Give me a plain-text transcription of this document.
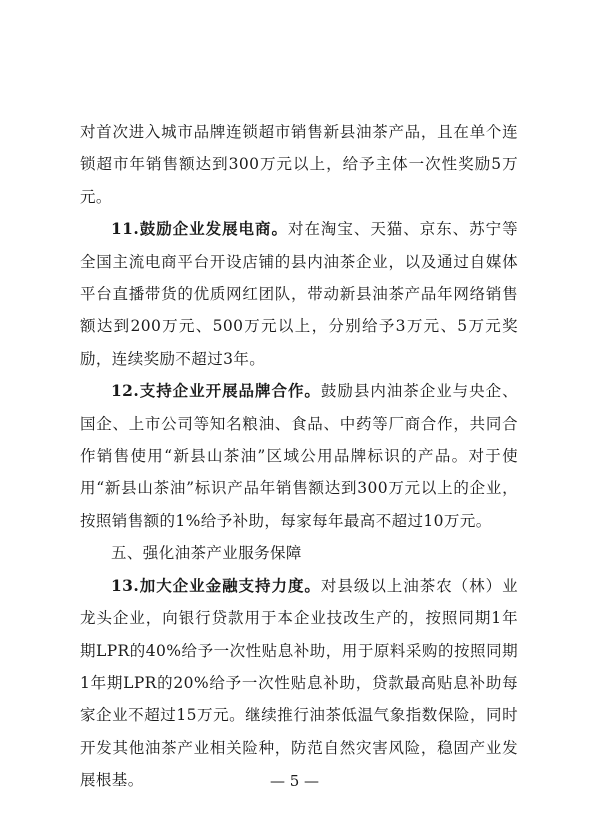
对首次进入城市品牌连锁超市销售新县油茶产品，且在单个连锁超市年销售额达到300万元以上，给予主体一次性奖励5万元。

11.鼓励企业发展电商。对在淘宝、天猫、京东、苏宁等全国主流电商平台开设店铺的县内油茶企业，以及通过自媒体平台直播带货的优质网红团队，带动新县油茶产品年网络销售额达到200万元、500万元以上，分别给予3万元、5万元奖励，连续奖励不超过3年。

12.支持企业开展品牌合作。鼓励县内油茶企业与央企、国企、上市公司等知名粮油、食品、中药等厂商合作，共同合作销售使用“新县山茶油”区域公用品牌标识的产品。对于使用“新县山茶油”标识产品年销售额达到300万元以上的企业，按照销售额的1%给予补助，每家每年最高不超过10万元。

五、强化油茶产业服务保障

13.加大企业金融支持力度。对县级以上油茶农（林）业龙头企业，向银行贷款用于本企业技改生产的，按照同期1年期LPR的40%给予一次性贴息补助，用于原料采购的按照同期1年期LPR的20%给予一次性贴息补助，贷款最高贴息补助每家企业不超过15万元。继续推行油茶低温气象指数保险，同时开发其他油茶产业相关险种，防范自然灾害风险，稳固产业发展根基。	— 5 —
